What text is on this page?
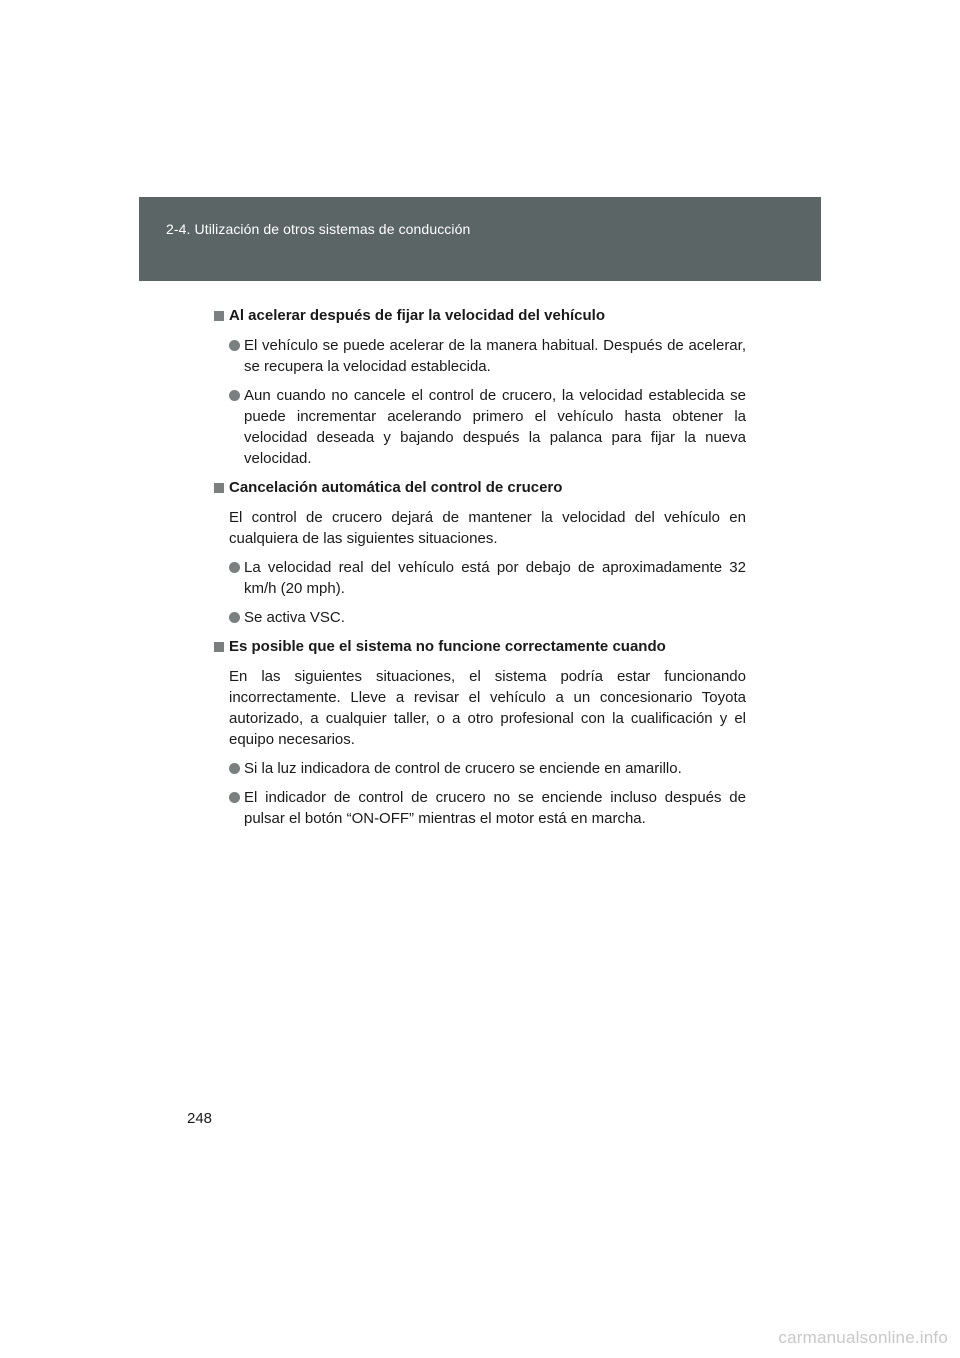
2-4. Utilización de otros sistemas de conducción
Al acelerar después de fijar la velocidad del vehículo
El vehículo se puede acelerar de la manera habitual. Después de acelerar, se recupera la velocidad establecida.
Aun cuando no cancele el control de crucero, la velocidad establecida se puede incrementar acelerando primero el vehículo hasta obtener la velocidad deseada y bajando después la palanca para fijar la nueva velocidad.
Cancelación automática del control de crucero

El control de crucero dejará de mantener la velocidad del vehículo en cualquiera de las siguientes situaciones.

La velocidad real del vehículo está por debajo de aproximadamente 32 km/h (20 mph).
Se activa VSC.
Es posible que el sistema no funcione correctamente cuando

En las siguientes situaciones, el sistema podría estar funcionando incorrectamente. Lleve a revisar el vehículo a un concesionario Toyota autorizado, a cualquier taller, o a otro profesional con la cualificación y el equipo necesarios.

Si la luz indicadora de control de crucero se enciende en amarillo.
El indicador de control de crucero no se enciende incluso después de pulsar el botón “ON-OFF” mientras el motor está en marcha.
248
carmanualsonline.info
